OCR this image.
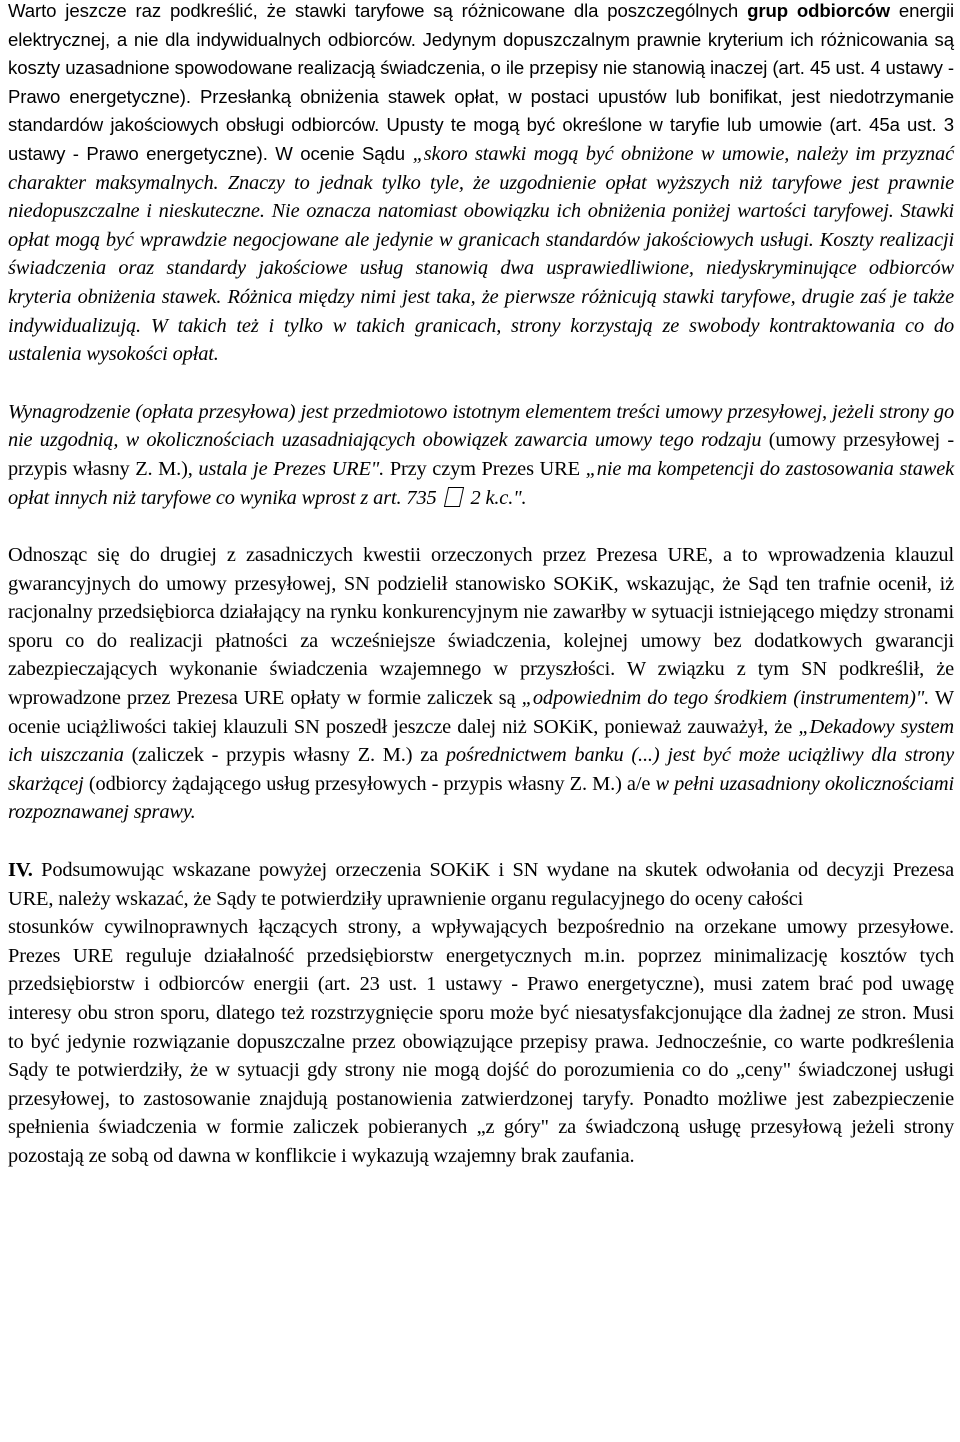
Warto jeszcze raz podkreślić, że stawki taryfowe są różnicowane dla poszczególnych grup odbiorców energii elektrycznej, a nie dla indywidualnych odbiorców. Jedynym dopuszczalnym prawnie kryterium ich różnicowania są koszty uzasadnione spowodowane realizacją świadczenia, o ile przepisy nie stanowią inaczej (art. 45 ust. 4 ustawy - Prawo energetyczne). Przesłanką obniżenia stawek opłat, w postaci upustów lub bonifikat, jest niedotrzymanie standardów jakościowych obsługi odbiorców. Upusty te mogą być określone w taryfie lub umowie (art. 45a ust. 3 ustawy - Prawo energetyczne). W ocenie Sądu „skoro stawki mogą być obniżone w umowie, należy im przyznać charakter maksymalnych. Znaczy to jednak tylko tyle, że uzgodnienie opłat wyższych niż taryfowe jest prawnie niedopuszczalne i nieskuteczne. Nie oznacza natomiast obowiązku ich obniżenia poniżej wartości taryfowej. Stawki opłat mogą być wprawdzie negocjowane ale jedynie w granicach standardów jakościowych usługi. Koszty realizacji świadczenia oraz standardy jakościowe usług stanowią dwa usprawiedliwione, niedyskryminujące odbiorców kryteria obniżenia stawek. Różnica między nimi jest taka, że pierwsze różnicują stawki taryfowe, drugie zaś je także indywidualizują. W takich też i tylko w takich granicach, strony korzystają ze swobody kontraktowania co do ustalenia wysokości opłat.

Wynagrodzenie (opłata przesyłowa) jest przedmiotowo istotnym elementem treści umowy przesyłowej, jeżeli strony go nie uzgodnią, w okolicznościach uzasadniających obowiązek zawarcia umowy tego rodzaju (umowy przesyłowej - przypis własny Z. M.), ustala je Prezes URE". Przy czym Prezes URE „nie ma kompetencji do zastosowania stawek opłat innych niż taryfowe co wynika wprost z art. 735  2 k.c.".

Odnosząc się do drugiej z zasadniczych kwestii orzeczonych przez Prezesa URE, a to wprowadzenia klauzul gwarancyjnych do umowy przesyłowej, SN podzielił stanowisko SOKiK, wskazując, że Sąd ten trafnie ocenił, iż racjonalny przedsiębiorca działający na rynku konkurencyjnym nie zawarłby w sytuacji istniejącego między stronami sporu co do realizacji płatności za wcześniejsze świadczenia, kolejnej umowy bez dodatkowych gwarancji zabezpieczających wykonanie świadczenia wzajemnego w przyszłości. W związku z tym SN podkreślił, że wprowadzone przez Prezesa URE opłaty w formie zaliczek są „odpowiednim do tego środkiem (instrumentem)". W ocenie uciążliwości takiej klauzuli SN poszedł jeszcze dalej niż SOKiK, ponieważ zauważył, że „Dekadowy system ich uiszczania (zaliczek - przypis własny Z. M.) za pośrednictwem banku (...) jest być może uciążliwy dla strony skarżącej (odbiorcy żądającego usług przesyłowych - przypis własny Z. M.) a/e w pełni uzasadniony okolicznościami rozpoznawanej sprawy.

IV. Podsumowując wskazane powyżej orzeczenia SOKiK i SN wydane na skutek odwołania od decyzji Prezesa URE, należy wskazać, że Sądy te potwierdziły uprawnienie organu regulacyjnego do oceny całości

stosunków cywilnoprawnych łączących strony, a wpływających bezpośrednio na orzekane umowy przesyłowe. Prezes URE reguluje działalność przedsiębiorstw energetycznych m.in. poprzez minimalizację kosztów tych przedsiębiorstw i odbiorców energii (art. 23 ust. 1 ustawy - Prawo energetyczne), musi zatem brać pod uwagę interesy obu stron sporu, dlatego też rozstrzygnięcie sporu może być niesatysfakcjonujące dla żadnej ze stron. Musi to być jedynie rozwiązanie dopuszczalne przez obowiązujące przepisy prawa. Jednocześnie, co warte podkreślenia Sądy te potwierdziły, że w sytuacji gdy strony nie mogą dojść do porozumienia co do „ceny" świadczonej usługi przesyłowej, to zastosowanie znajdują postanowienia zatwierdzonej taryfy. Ponadto możliwe jest zabezpieczenie spełnienia świadczenia w formie zaliczek pobieranych „z góry" za świadczoną usługę przesyłową jeżeli strony pozostają ze sobą od dawna w konflikcie i wykazują wzajemny brak zaufania.
